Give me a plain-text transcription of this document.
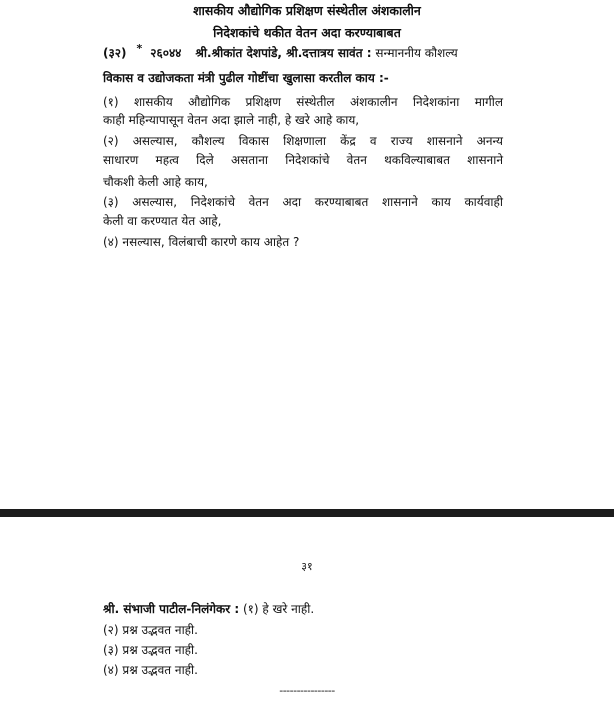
शासकीय औद्योगिक प्रशिक्षण संस्थेतील अंशकालीन
निदेशकांचे थकीत वेतन अदा करण्याबाबत
(३२) * २६०४४ श्री.श्रीकांत देशपांडे, श्री.दत्तात्रय सावंत : सन्माननीय कौशल्य
विकास व उद्योजकता मंत्री पुढील गोष्टींचा खुलासा करतील काय :-
(१) शासकीय औद्योगिक प्रशिक्षण संस्थेतील अंशकालीन निदेशकांना मागील
काही महिन्यापासून वेतन अदा झाले नाही, हे खरे आहे काय,
(२) असल्यास, कौशल्य विकास शिक्षणाला केंद्र व राज्य शासनाने अनन्य
साधारण महत्व दिले असताना निदेशकांचे वेतन थकविल्याबाबत शासनाने
चौकशी केली आहे काय,
(३) असल्यास, निदेशकांचे वेतन अदा करण्याबाबत शासनाने काय कार्यवाही
केली वा करण्यात येत आहे,
(४) नसल्यास, विलंबाची कारणे काय आहेत ?
३१
श्री. संभाजी पाटील-निलंगेकर : (१) हे खरे नाही.
(२) प्रश्न उद्भवत नाही.
(३) प्रश्न उद्भवत नाही.
(४) प्रश्न उद्भवत नाही.
----------------
